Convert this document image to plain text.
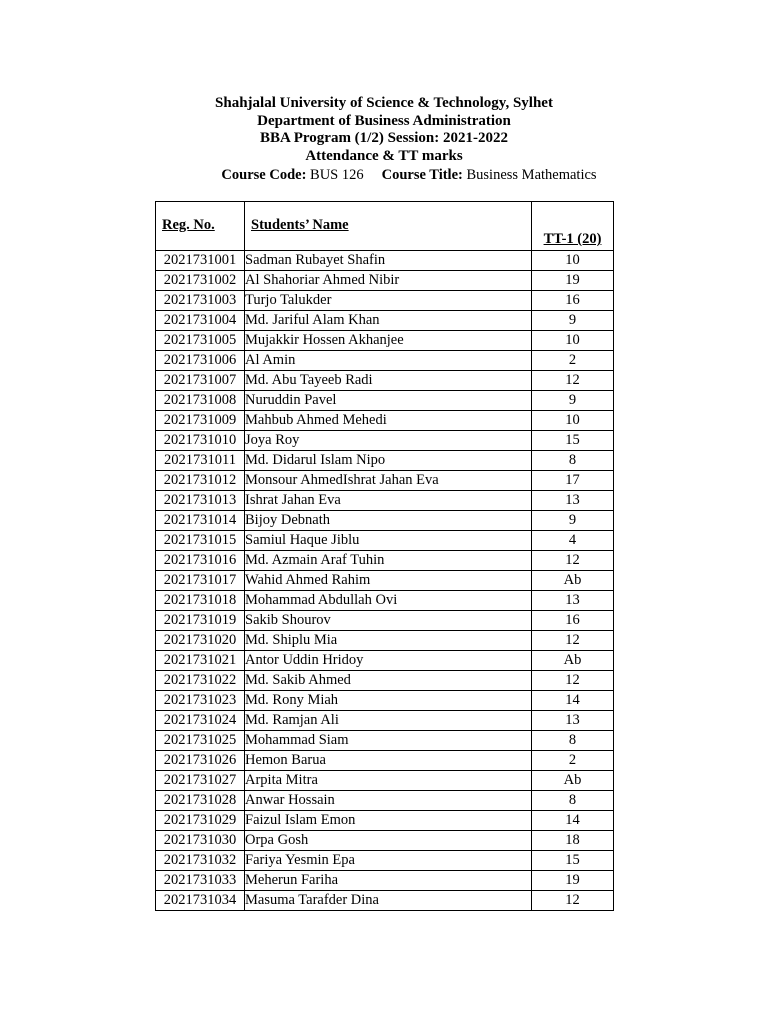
Shahjalal University of Science & Technology, Sylhet
Department of Business Administration
BBA Program (1/2) Session: 2021-2022
Attendance & TT marks
Course Code: BUS 126 Course Title: Business Mathematics
Reg. No.	Students’ Name	TT-1 (20)
2021731001	Sadman Rubayet Shafin	10
2021731002	Al Shahoriar Ahmed Nibir	19
2021731003	Turjo Talukder	16
2021731004	Md. Jariful Alam Khan	9
2021731005	Mujakkir Hossen Akhanjee	10
2021731006	Al Amin	2
2021731007	Md. Abu Tayeeb Radi	12
2021731008	Nuruddin Pavel	9
2021731009	Mahbub Ahmed Mehedi	10
2021731010	Joya Roy	15
2021731011	Md. Didarul Islam Nipo	8
2021731012	Monsour AhmedIshrat Jahan Eva	17
2021731013	Ishrat Jahan Eva	13
2021731014	Bijoy Debnath	9
2021731015	Samiul Haque Jiblu	4
2021731016	Md. Azmain Araf Tuhin	12
2021731017	Wahid Ahmed Rahim	Ab
2021731018	Mohammad Abdullah Ovi	13
2021731019	Sakib Shourov	16
2021731020	Md. Shiplu Mia	12
2021731021	Antor Uddin Hridoy	Ab
2021731022	Md. Sakib Ahmed	12
2021731023	Md. Rony Miah	14
2021731024	Md. Ramjan Ali	13
2021731025	Mohammad Siam	8
2021731026	Hemon Barua	2
2021731027	Arpita Mitra	Ab
2021731028	Anwar Hossain	8
2021731029	Faizul Islam Emon	14
2021731030	Orpa Gosh	18
2021731032	Fariya Yesmin Epa	15
2021731033	Meherun Fariha	19
2021731034	Masuma Tarafder Dina	12
